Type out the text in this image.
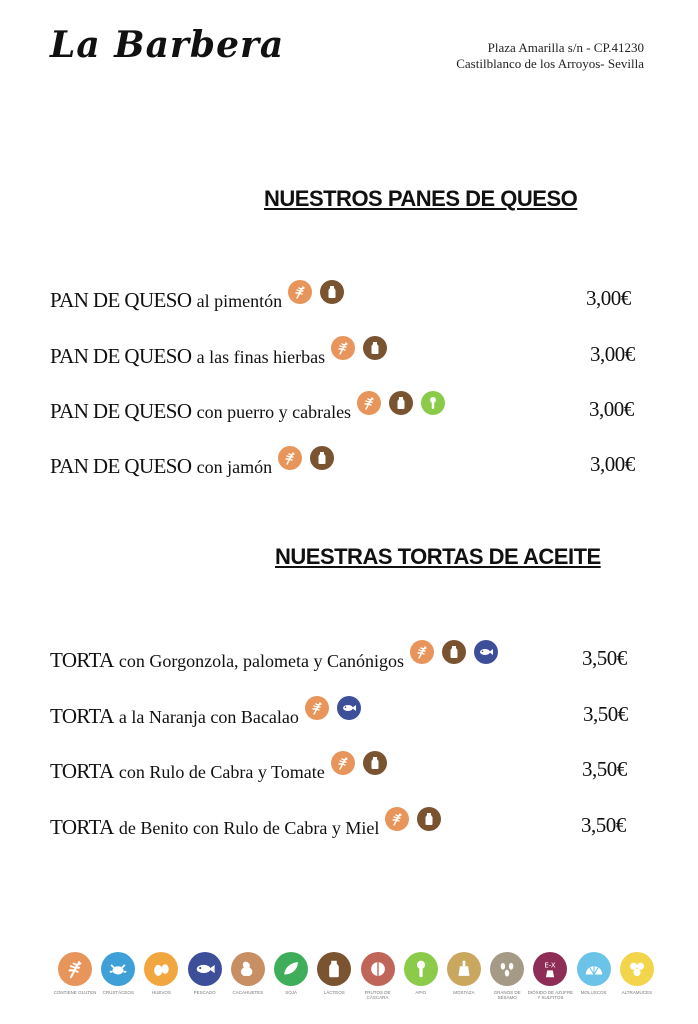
La Barbera	Plaza Amarilla s/n - CP.41230
Castilblanco de los Arroyos- Sevilla
NUESTROS PANES DE QUESO
NUESTRAS TORTAS DE ACEITE
PAN DE QUESO al pimentón	3,00€
PAN DE QUESO a las finas hierbas	3,00€
PAN DE QUESO con puerro y cabrales	3,00€
PAN DE QUESO con jamón	3,00€
TORTA con Gorgonzola, palometa y Canónigos	3,50€
TORTA a la Naranja con Bacalao	3,50€
TORTA con Rulo de Cabra y Tomate	3,50€
TORTA de Benito con Rulo de Cabra y Miel	3,50€
CONTIENE GLUTEN	CRUSTÁCEOS	HUEVOS	PESCADO	CACAHUETES	SOJA	LÁCTEOS	FRUTOS DE CÁSCARA
APIO	MOSTAZA	GRANOS DE SÉSAMO
E-X
DIÓXIDO DE AZUFRE Y SULFITOS
MOLUSCOS	ALTRAMUCES
